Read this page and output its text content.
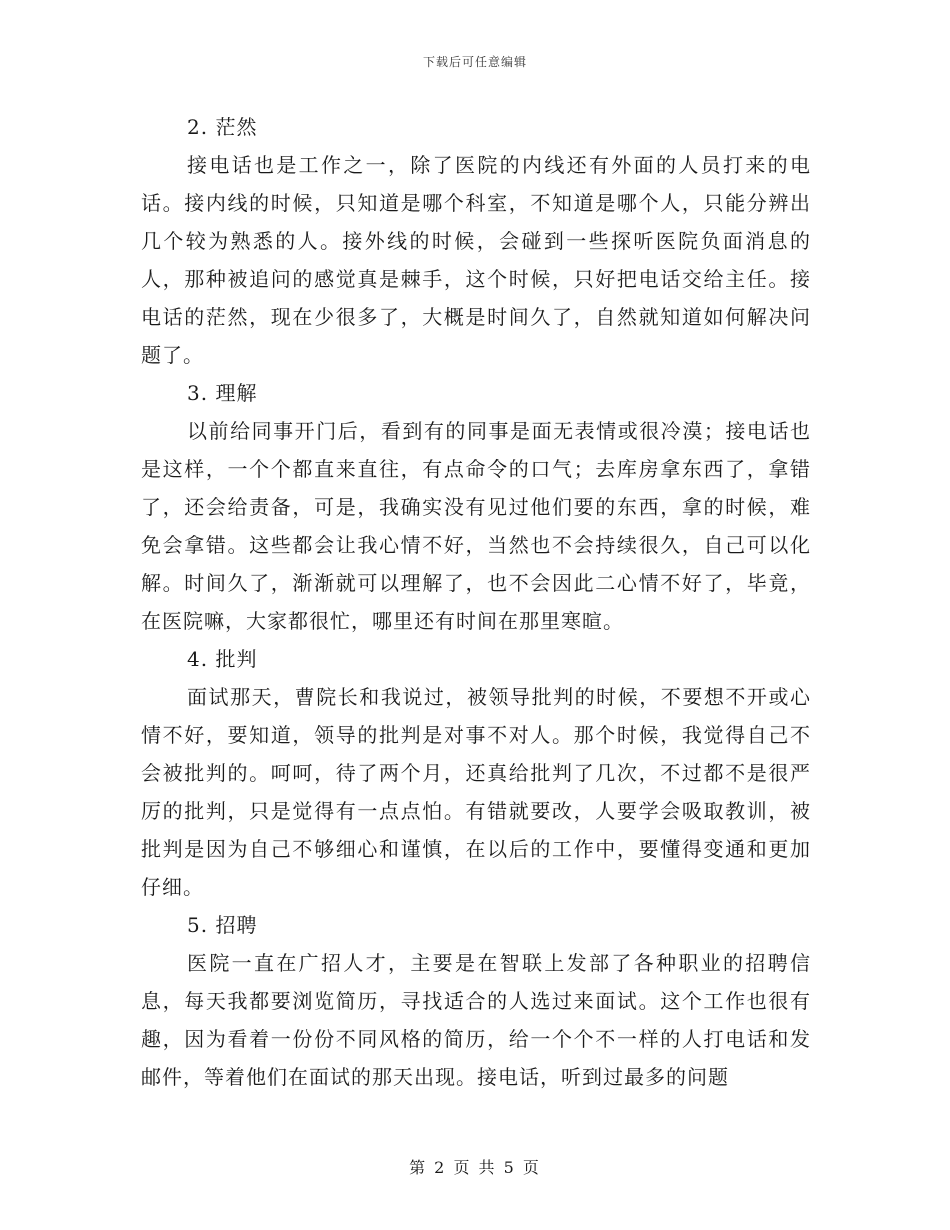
下载后可任意编辑

2. 茫然

接电话也是工作之一，除了医院的内线还有外面的人员打来的电话。接内线的时候，只知道是哪个科室，不知道是哪个人，只能分辨出几个较为熟悉的人。接外线的时候，会碰到一些探听医院负面消息的人，那种被追问的感觉真是棘手，这个时候，只好把电话交给主任。接电话的茫然，现在少很多了，大概是时间久了，自然就知道如何解决问题了。

3. 理解

以前给同事开门后，看到有的同事是面无表情或很冷漠；接电话也是这样，一个个都直来直往，有点命令的口气；去库房拿东西了，拿错了，还会给责备，可是，我确实没有见过他们要的东西，拿的时候，难免会拿错。这些都会让我心情不好，当然也不会持续很久，自己可以化解。时间久了，渐渐就可以理解了，也不会因此二心情不好了，毕竟，在医院嘛，大家都很忙，哪里还有时间在那里寒暄。

4. 批判

面试那天，曹院长和我说过，被领导批判的时候，不要想不开或心情不好，要知道，领导的批判是对事不对人。那个时候，我觉得自己不会被批判的。呵呵，待了两个月，还真给批判了几次，不过都不是很严厉的批判，只是觉得有一点点怕。有错就要改，人要学会吸取教训，被批判是因为自己不够细心和谨慎，在以后的工作中，要懂得变通和更加仔细。

5. 招聘

医院一直在广招人才，主要是在智联上发部了各种职业的招聘信息，每天我都要浏览简历，寻找适合的人选过来面试。这个工作也很有趣，因为看着一份份不同风格的简历，给一个个不一样的人打电话和发邮件，等着他们在面试的那天出现。接电话，听到过最多的问题

第 2 页 共 5 页
